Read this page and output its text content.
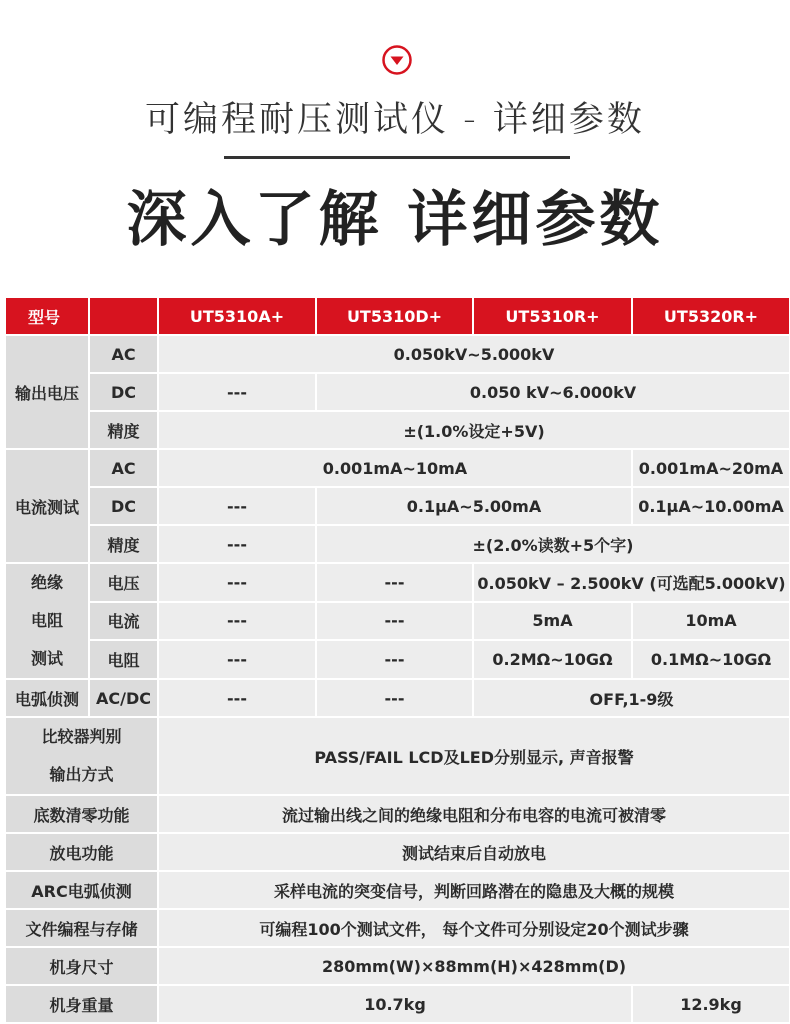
可编程耐压测试仪 - 详细参数
深入了解 详细参数
型号		UT5310A+	UT5310D+	UT5310R+	UT5320R+
输出电压	AC	0.050kV~5.000kV			
	DC	---	0.050 kV~6.000kV		
	精度	±(1.0%设定+5V)			
电流测试	AC	0.001mA~10mA			0.001mA~20mA
	DC	---	0.1μA~5.00mA		0.1μA~10.00mA
	精度	---	±(2.0%读数+5个字)		

绝缘
电阻
测试	电压	---	---	0.050kV – 2.500kV (可选配5.000kV)	
	电流	---	---	5mA	10mA
	电阻	---	---	0.2MΩ~10GΩ	0.1MΩ~10GΩ
电弧侦测	AC/DC	---	---	OFF,1-9级	

比较器判别
输出方式		PASS/FAIL LCD及LED分别显示, 声音报警			
底数清零功能		流过输出线之间的绝缘电阻和分布电容的电流可被清零			
放电功能		测试结束后自动放电			
ARC电弧侦测		采样电流的突变信号，判断回路潜在的隐患及大概的规模			
文件编程与存储		可编程100个测试文件， 每个文件可分别设定20个测试步骤			
机身尺寸		280mm(W)×88mm(H)×428mm(D)			
机身重量		10.7kg			12.9kg
